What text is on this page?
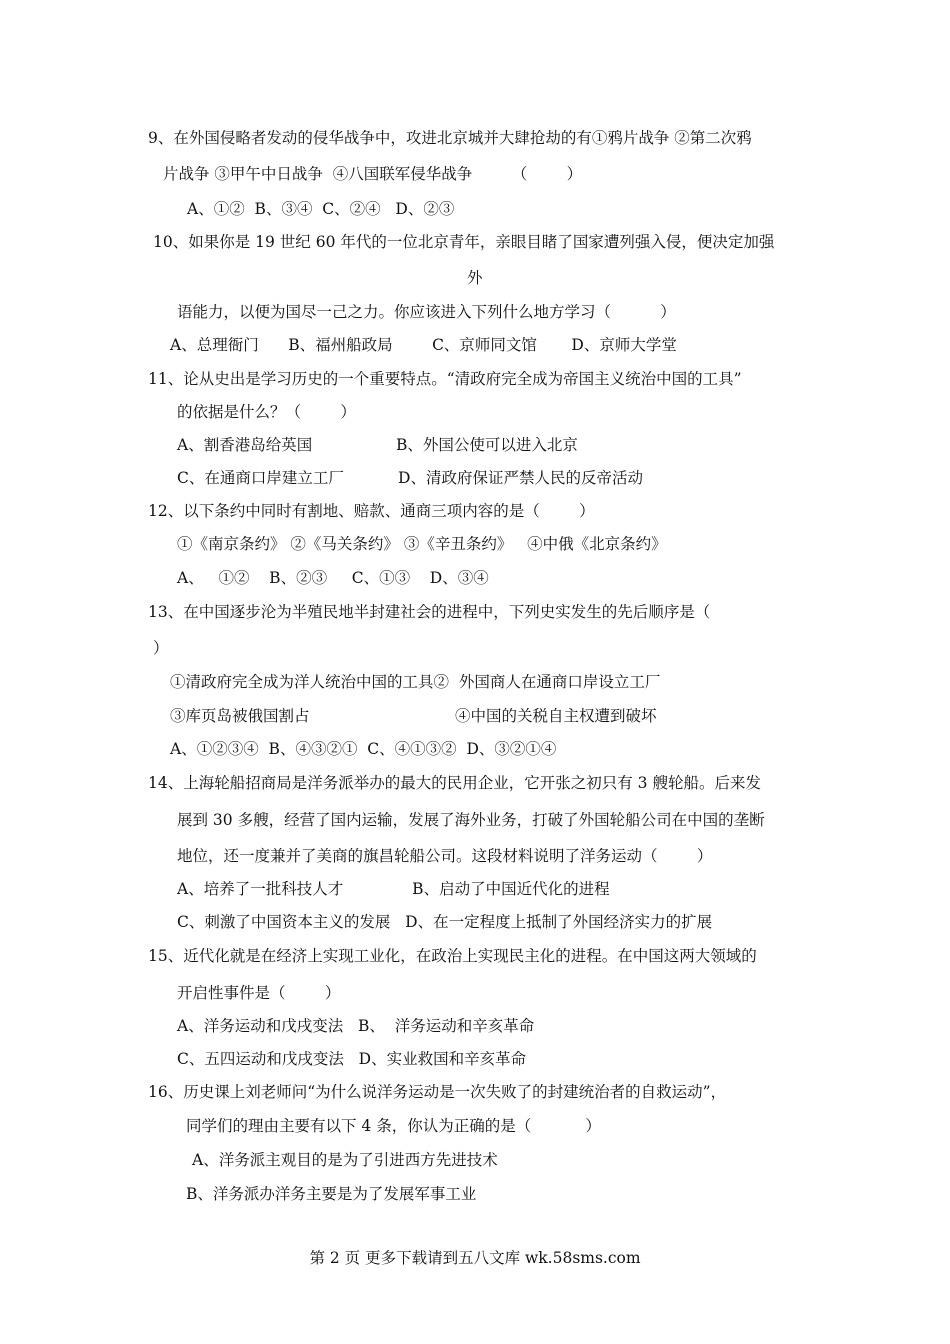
9、在外国侵略者发动的侵华战争中，攻进北京城并大肆抢劫的有①鸦片战争 ②第二次鸦
片战争 ③甲午中日战争  ④八国联军侵华战争        （        ）
A、①②  B、③④  C、②④   D、②③
10、如果你是 19 世纪 60 年代的一位北京青年，亲眼目睹了国家遭列强入侵，便决定加强
外
语能力，以便为国尽一己之力。你应该进入下列什么地方学习（          ）
A、总理衙门      B、福州船政局        C、京师同文馆       D、京师大学堂
11、论从史出是学习历史的一个重要特点。“清政府完全成为帝国主义统治中国的工具”
的依据是什么？（        ）
A、割香港岛给英国                 B、外国公使可以进入北京
C、在通商口岸建立工厂           D、清政府保证严禁人民的反帝活动
12、以下条约中同时有割地、赔款、通商三项内容的是（        ）
①《南京条约》 ②《马关条约》 ③《辛丑条约》   ④中俄《北京条约》
A、   ①②    B、②③     C、①③    D、③④
13、在中国逐步沦为半殖民地半封建社会的进程中，下列史实发生的先后顺序是（
）
①清政府完全成为洋人统治中国的工具②  外国商人在通商口岸设立工厂
③库页岛被俄国割占	④中国的关税自主权遭到破坏
A、①②③④  B、④③②①  C、④①③②  D、③②①④
14、上海轮船招商局是洋务派举办的最大的民用企业，它开张之初只有 3 艘轮船。后来发
展到 30 多艘，经营了国内运输，发展了海外业务，打破了外国轮船公司在中国的垄断
地位，还一度兼并了美商的旗昌轮船公司。这段材料说明了洋务运动（        ）
A、培养了一批科技人才              B、启动了中国近代化的进程
C、刺激了中国资本主义的发展   D、在一定程度上抵制了外国经济实力的扩展
15、近代化就是在经济上实现工业化，在政治上实现民主化的进程。在中国这两大领域的
开启性事件是（        ）
A、洋务运动和戊戌变法   B、  洋务运动和辛亥革命
C、五四运动和戊戌变法   D、实业救国和辛亥革命
16、历史课上刘老师问“为什么说洋务运动是一次失败了的封建统治者的自救运动”，
同学们的理由主要有以下 4 条，你认为正确的是（           ）
A、洋务派主观目的是为了引进西方先进技术
B、洋务派办洋务主要是为了发展军事工业
第 2 页 更多下载请到五八文库 wk.58sms.com
